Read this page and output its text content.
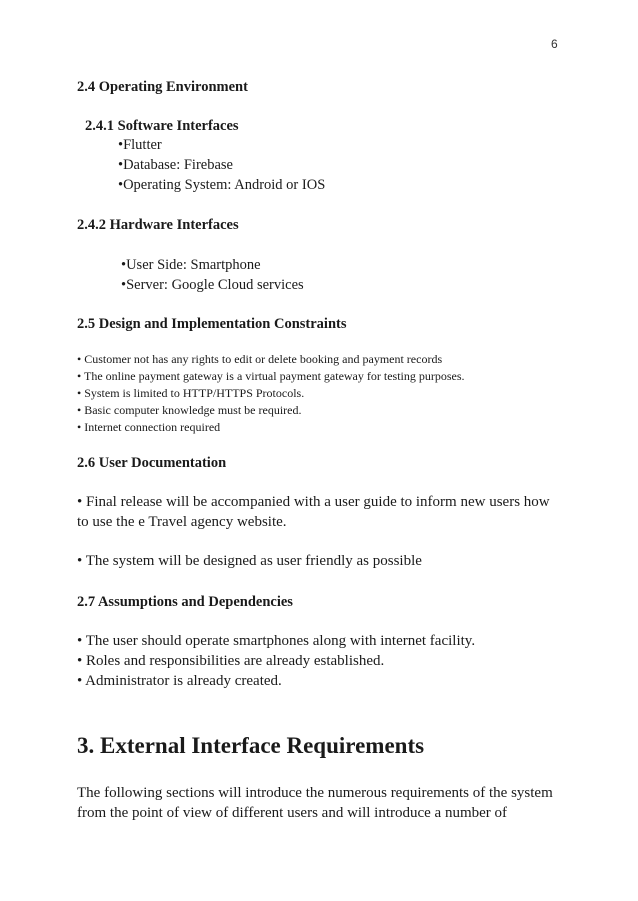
6
2.4 Operating Environment
2.4.1 Software Interfaces
•Flutter
•Database: Firebase
•Operating System: Android or IOS
2.4.2 Hardware Interfaces
•User Side: Smartphone
•Server: Google Cloud services
2.5 Design and Implementation Constraints
• Customer not has any rights to edit or delete booking and payment records
• The online payment gateway is a virtual payment gateway for testing purposes.
• System is limited to HTTP/HTTPS Protocols.
• Basic computer knowledge must be required.
• Internet connection required
2.6 User Documentation
• Final release will be accompanied with a user guide to inform new users how
to use the e Travel agency website.
• The system will be designed as user friendly as possible
2.7 Assumptions and Dependencies
• The user should operate smartphones along with internet facility.
• Roles and responsibilities are already established.
• Administrator is already created.
3. External Interface Requirements
The following sections will introduce the numerous requirements of the system
from the point of view of different users and will introduce a number of
